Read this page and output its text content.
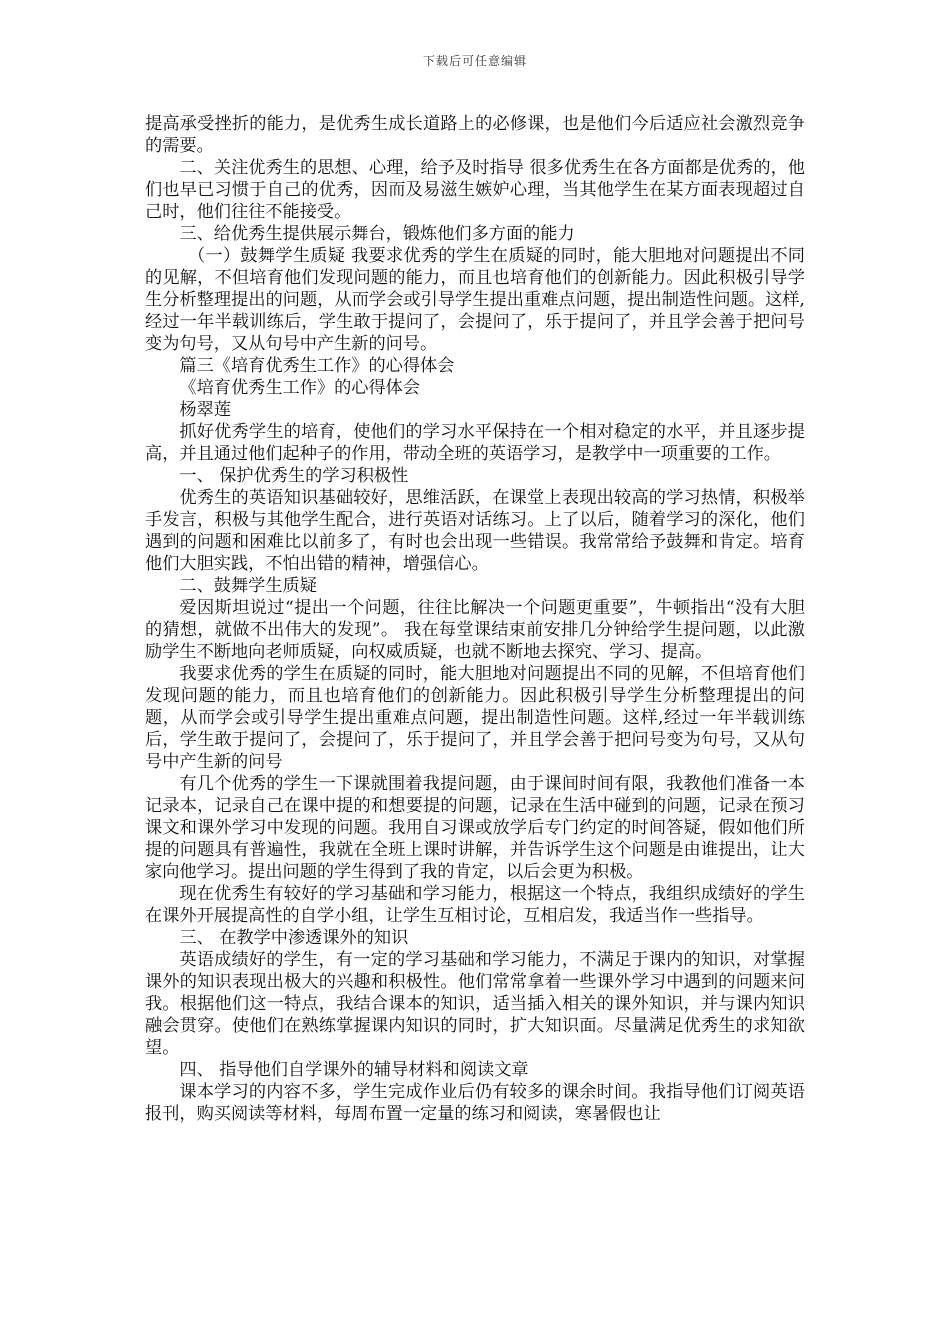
下载后可任意编辑

提高承受挫折的能力，是优秀生成长道路上的必修课，也是他们今后适应社会激烈竞争的需要。

二、关注优秀生的思想、心理，给予及时指导 很多优秀生在各方面都是优秀的，他们也早已习惯于自己的优秀，因而及易滋生嫉妒心理，当其他学生在某方面表现超过自己时，他们往往不能接受。

三、给优秀生提供展示舞台，锻炼他们多方面的能力

（一）鼓舞学生质疑 我要求优秀的学生在质疑的同时，能大胆地对问题提出不同的见解，不但培育他们发现问题的能力，而且也培育他们的创新能力。因此积极引导学生分析整理提出的问题，从而学会或引导学生提出重难点问题，提出制造性问题。这样,经过一年半载训练后，学生敢于提问了，会提问了，乐于提问了，并且学会善于把问号变为句号，又从句号中产生新的问号。

篇三《培育优秀生工作》的心得体会

《培育优秀生工作》的心得体会

杨翠莲

抓好优秀学生的培育，使他们的学习水平保持在一个相对稳定的水平，并且逐步提高，并且通过他们起种子的作用，带动全班的英语学习，是教学中一项重要的工作。

一、 保护优秀生的学习积极性

优秀生的英语知识基础较好，思维活跃，在课堂上表现出较高的学习热情，积极举手发言，积极与其他学生配合，进行英语对话练习。上了以后，随着学习的深化，他们遇到的问题和困难比以前多了，有时也会出现一些错误。我常常给予鼓舞和肯定。培育他们大胆实践，不怕出错的精神，增强信心。

二、鼓舞学生质疑

爱因斯坦说过“提出一个问题，往往比解决一个问题更重要”，牛顿指出“没有大胆的猜想，就做不出伟大的发现”。 我在每堂课结束前安排几分钟给学生提问题，以此激励学生不断地向老师质疑，向权威质疑，也就不断地去探究、学习、提高。

我要求优秀的学生在质疑的同时，能大胆地对问题提出不同的见解，不但培育他们发现问题的能力，而且也培育他们的创新能力。因此积极引导学生分析整理提出的问题，从而学会或引导学生提出重难点问题，提出制造性问题。这样,经过一年半载训练后，学生敢于提问了，会提问了，乐于提问了，并且学会善于把问号变为句号，又从句号中产生新的问号

有几个优秀的学生一下课就围着我提问题，由于课间时间有限，我教他们准备一本记录本，记录自己在课中提的和想要提的问题，记录在生活中碰到的问题，记录在预习课文和课外学习中发现的问题。我用自习课或放学后专门约定的时间答疑，假如他们所提的问题具有普遍性，我就在全班上课时讲解，并告诉学生这个问题是由谁提出，让大家向他学习。提出问题的学生得到了我的肯定，以后会更为积极。

现在优秀生有较好的学习基础和学习能力，根据这一个特点，我组织成绩好的学生在课外开展提高性的自学小组，让学生互相讨论，互相启发，我适当作一些指导。

三、 在教学中渗透课外的知识

英语成绩好的学生，有一定的学习基础和学习能力，不满足于课内的知识，对掌握课外的知识表现出极大的兴趣和积极性。他们常常拿着一些课外学习中遇到的问题来问我。根据他们这一特点，我结合课本的知识，适当插入相关的课外知识，并与课内知识融会贯穿。使他们在熟练掌握课内知识的同时，扩大知识面。尽量满足优秀生的求知欲望。

四、 指导他们自学课外的辅导材料和阅读文章

课本学习的内容不多，学生完成作业后仍有较多的课余时间。我指导他们订阅英语报刊，购买阅读等材料，每周布置一定量的练习和阅读，寒暑假也让
